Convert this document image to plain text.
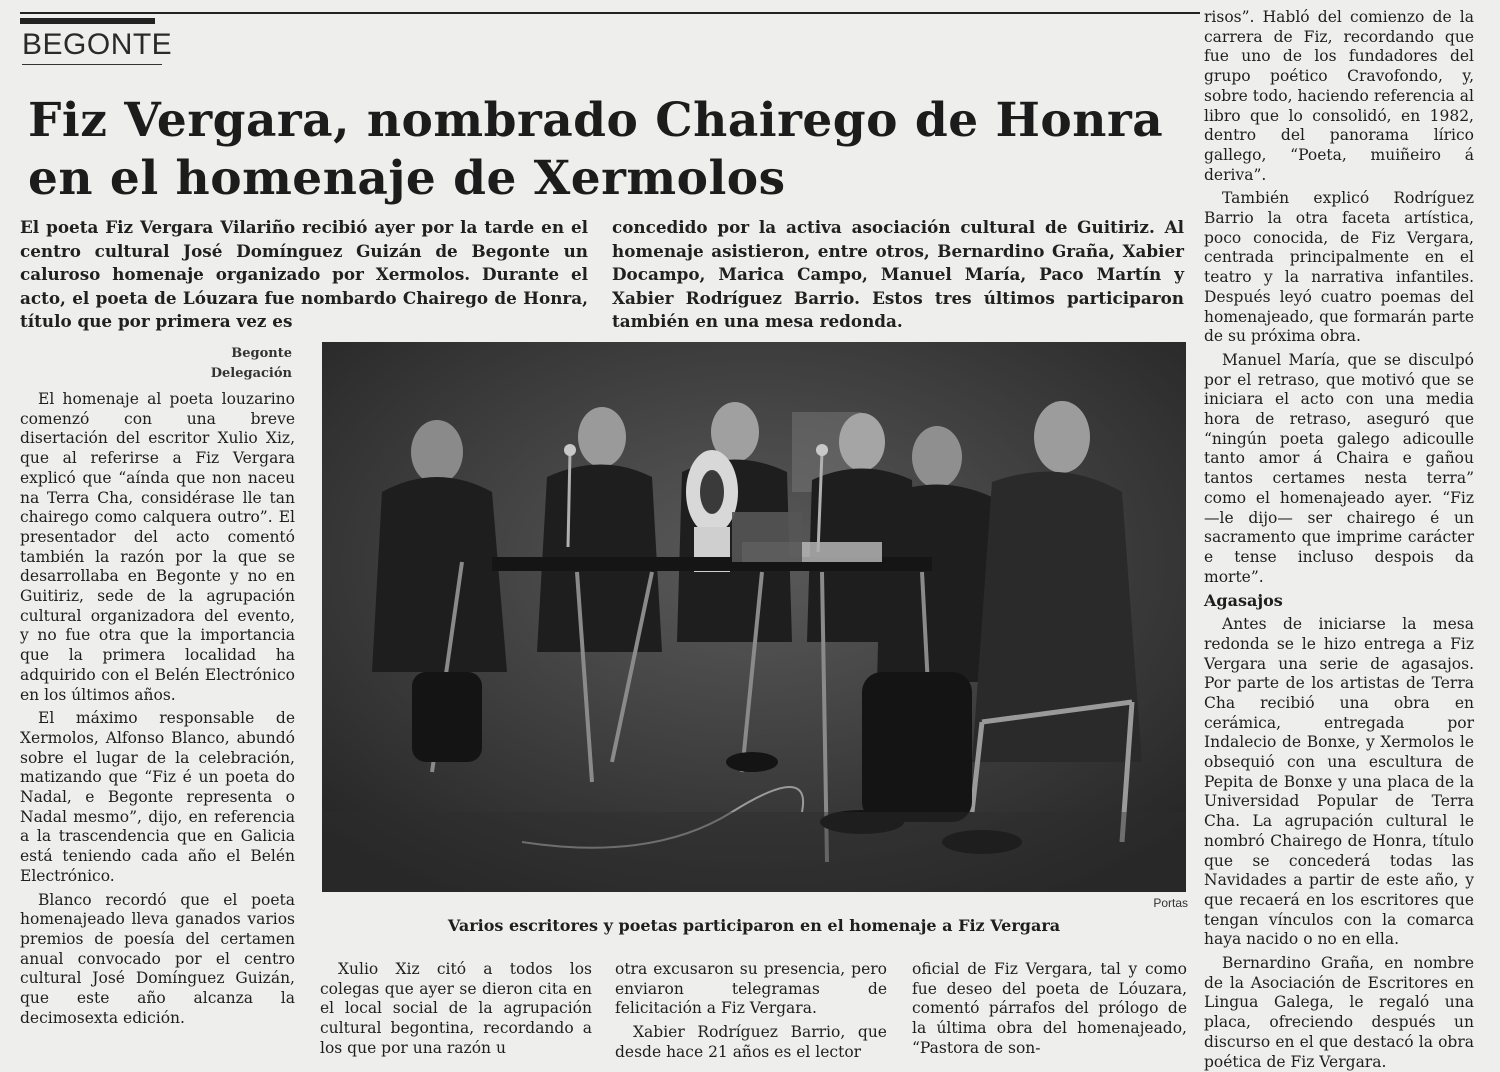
BEGONTE
Fiz Vergara, nombrado Chairego de Honra en el homenaje de Xermolos

El poeta Fiz Vergara Vilariño recibió ayer por la tarde en el centro cultural José Domínguez Guizán de Begonte un caluroso homenaje organizado por Xermolos. Durante el acto, el poeta de Lóuzara fue nombardo Chairego de Honra, título que por primera vez es

concedido por la activa asociación cultural de Guitiriz. Al homenaje asistieron, entre otros, Bernardino Graña, Xabier Docampo, Marica Campo, Manuel María, Paco Martín y Xabier Rodríguez Barrio. Estos tres últimos participaron también en una mesa redonda.

Begonte
Delegación

El homenaje al poeta louzarino comenzó con una breve disertación del escritor Xulio Xiz, que al referirse a Fiz Vergara explicó que “aínda que non naceu na Terra Cha, considérase lle tan chairego como calquera outro”. El presentador del acto comentó también la razón por la que se desarrollaba en Begonte y no en Guitiriz, sede de la agrupación cultural organizadora del evento, y no fue otra que la importancia que la primera localidad ha adquirido con el Belén Electrónico en los últimos años.

El máximo responsable de Xermolos, Alfonso Blanco, abundó sobre el lugar de la celebración, matizando que “Fiz é un poeta do Nadal, e Begonte representa o Nadal mesmo”, dijo, en referencia a la trascendencia que en Galicia está teniendo cada año el Belén Electrónico.

Blanco recordó que el poeta homenajeado lleva ganados varios premios de poesía del certamen anual convocado por el centro cultural José Domínguez Guizán, que este año alcanza la decimosexta edición.

Portas
Varios escritores y poetas participaron en el homenaje a Fiz Vergara

Xulio Xiz citó a todos los colegas que ayer se dieron cita en el local social de la agrupación cultural begontina, recordando a los que por una razón u

otra excusaron su presencia, pero enviaron telegramas de felicitación a Fiz Vergara.

Xabier Rodríguez Barrio, que desde hace 21 años es el lector

oficial de Fiz Vergara, tal y como fue deseo del poeta de Lóuzara, comentó párrafos del prólogo de la última obra del homenajeado, “Pastora de son-

risos”. Habló del comienzo de la carrera de Fiz, recordando que fue uno de los fundadores del grupo poético Cravofondo, y, sobre todo, haciendo referencia al libro que lo consolidó, en 1982, dentro del panorama lírico gallego, “Poeta, muiñeiro á deriva”.

También explicó Rodríguez Barrio la otra faceta artística, poco conocida, de Fiz Vergara, centrada principalmente en el teatro y la narrativa infantiles. Después leyó cuatro poemas del homenajeado, que formarán parte de su próxima obra.

Manuel María, que se disculpó por el retraso, que motivó que se iniciara el acto con una media hora de retraso, aseguró que “ningún poeta galego adicoulle tanto amor á Chaira e gañou tantos certames nesta terra” como el homenajeado ayer. “Fiz —le dijo— ser chairego é un sacramento que imprime carácter e tense incluso despois da morte”.

Agasajos

Antes de iniciarse la mesa redonda se le hizo entrega a Fiz Vergara una serie de agasajos. Por parte de los artistas de Terra Cha recibió una obra en cerámica, entregada por Indalecio de Bonxe, y Xermolos le obsequió con una escultura de Pepita de Bonxe y una placa de la Universidad Popular de Terra Cha. La agrupación cultural le nombró Chairego de Honra, título que se concederá todas las Navidades a partir de este año, y que recaerá en los escritores que tengan vínculos con la comarca haya nacido o no en ella.

Bernardino Graña, en nombre de la Asociación de Escritores en Lingua Galega, le regaló una placa, ofreciendo después un discurso en el que destacó la obra poética de Fiz Vergara.
